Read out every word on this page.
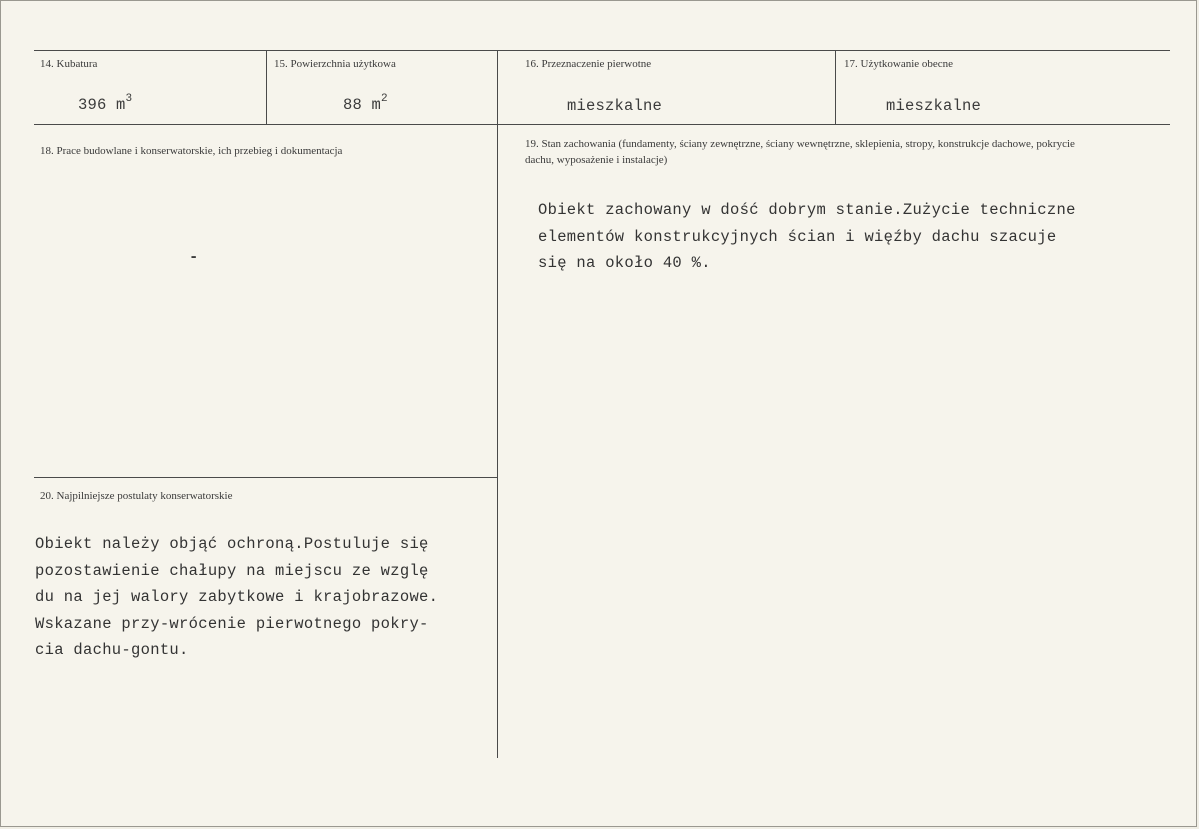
14. Kubatura
396 $m^3$
15. Powierzchnia użytkowa
88 $m^2$
16. Przeznaczenie pierwotne
mieszkalne
17. Użytkowanie obecne
mieszkalne
18. Prace budowlane i konserwatorskie, ich przebieg i dokumentacja
-
19. Stan zachowania (fundamenty, ściany zewnętrzne, ściany wewnętrzne, sklepienia, stropy, konstrukcje dachowe, pokrycie dachu, wyposażenie i instalacje)
Obiekt zachowany w dość dobrym stanie.Zużycie techniczne
elementów konstrukcyjnych ścian i więźby dachu szacuje
się na około 40 %.
20. Najpilniejsze postulaty konserwatorskie
Obiekt należy objąć ochroną.Postuluje się
pozostawienie chałupy na miejscu ze wzglę
du na jej walory zabytkowe i krajobrazowe.
Wskazane przy-wrócenie pierwotnego pokry-
cia dachu-gontu.
